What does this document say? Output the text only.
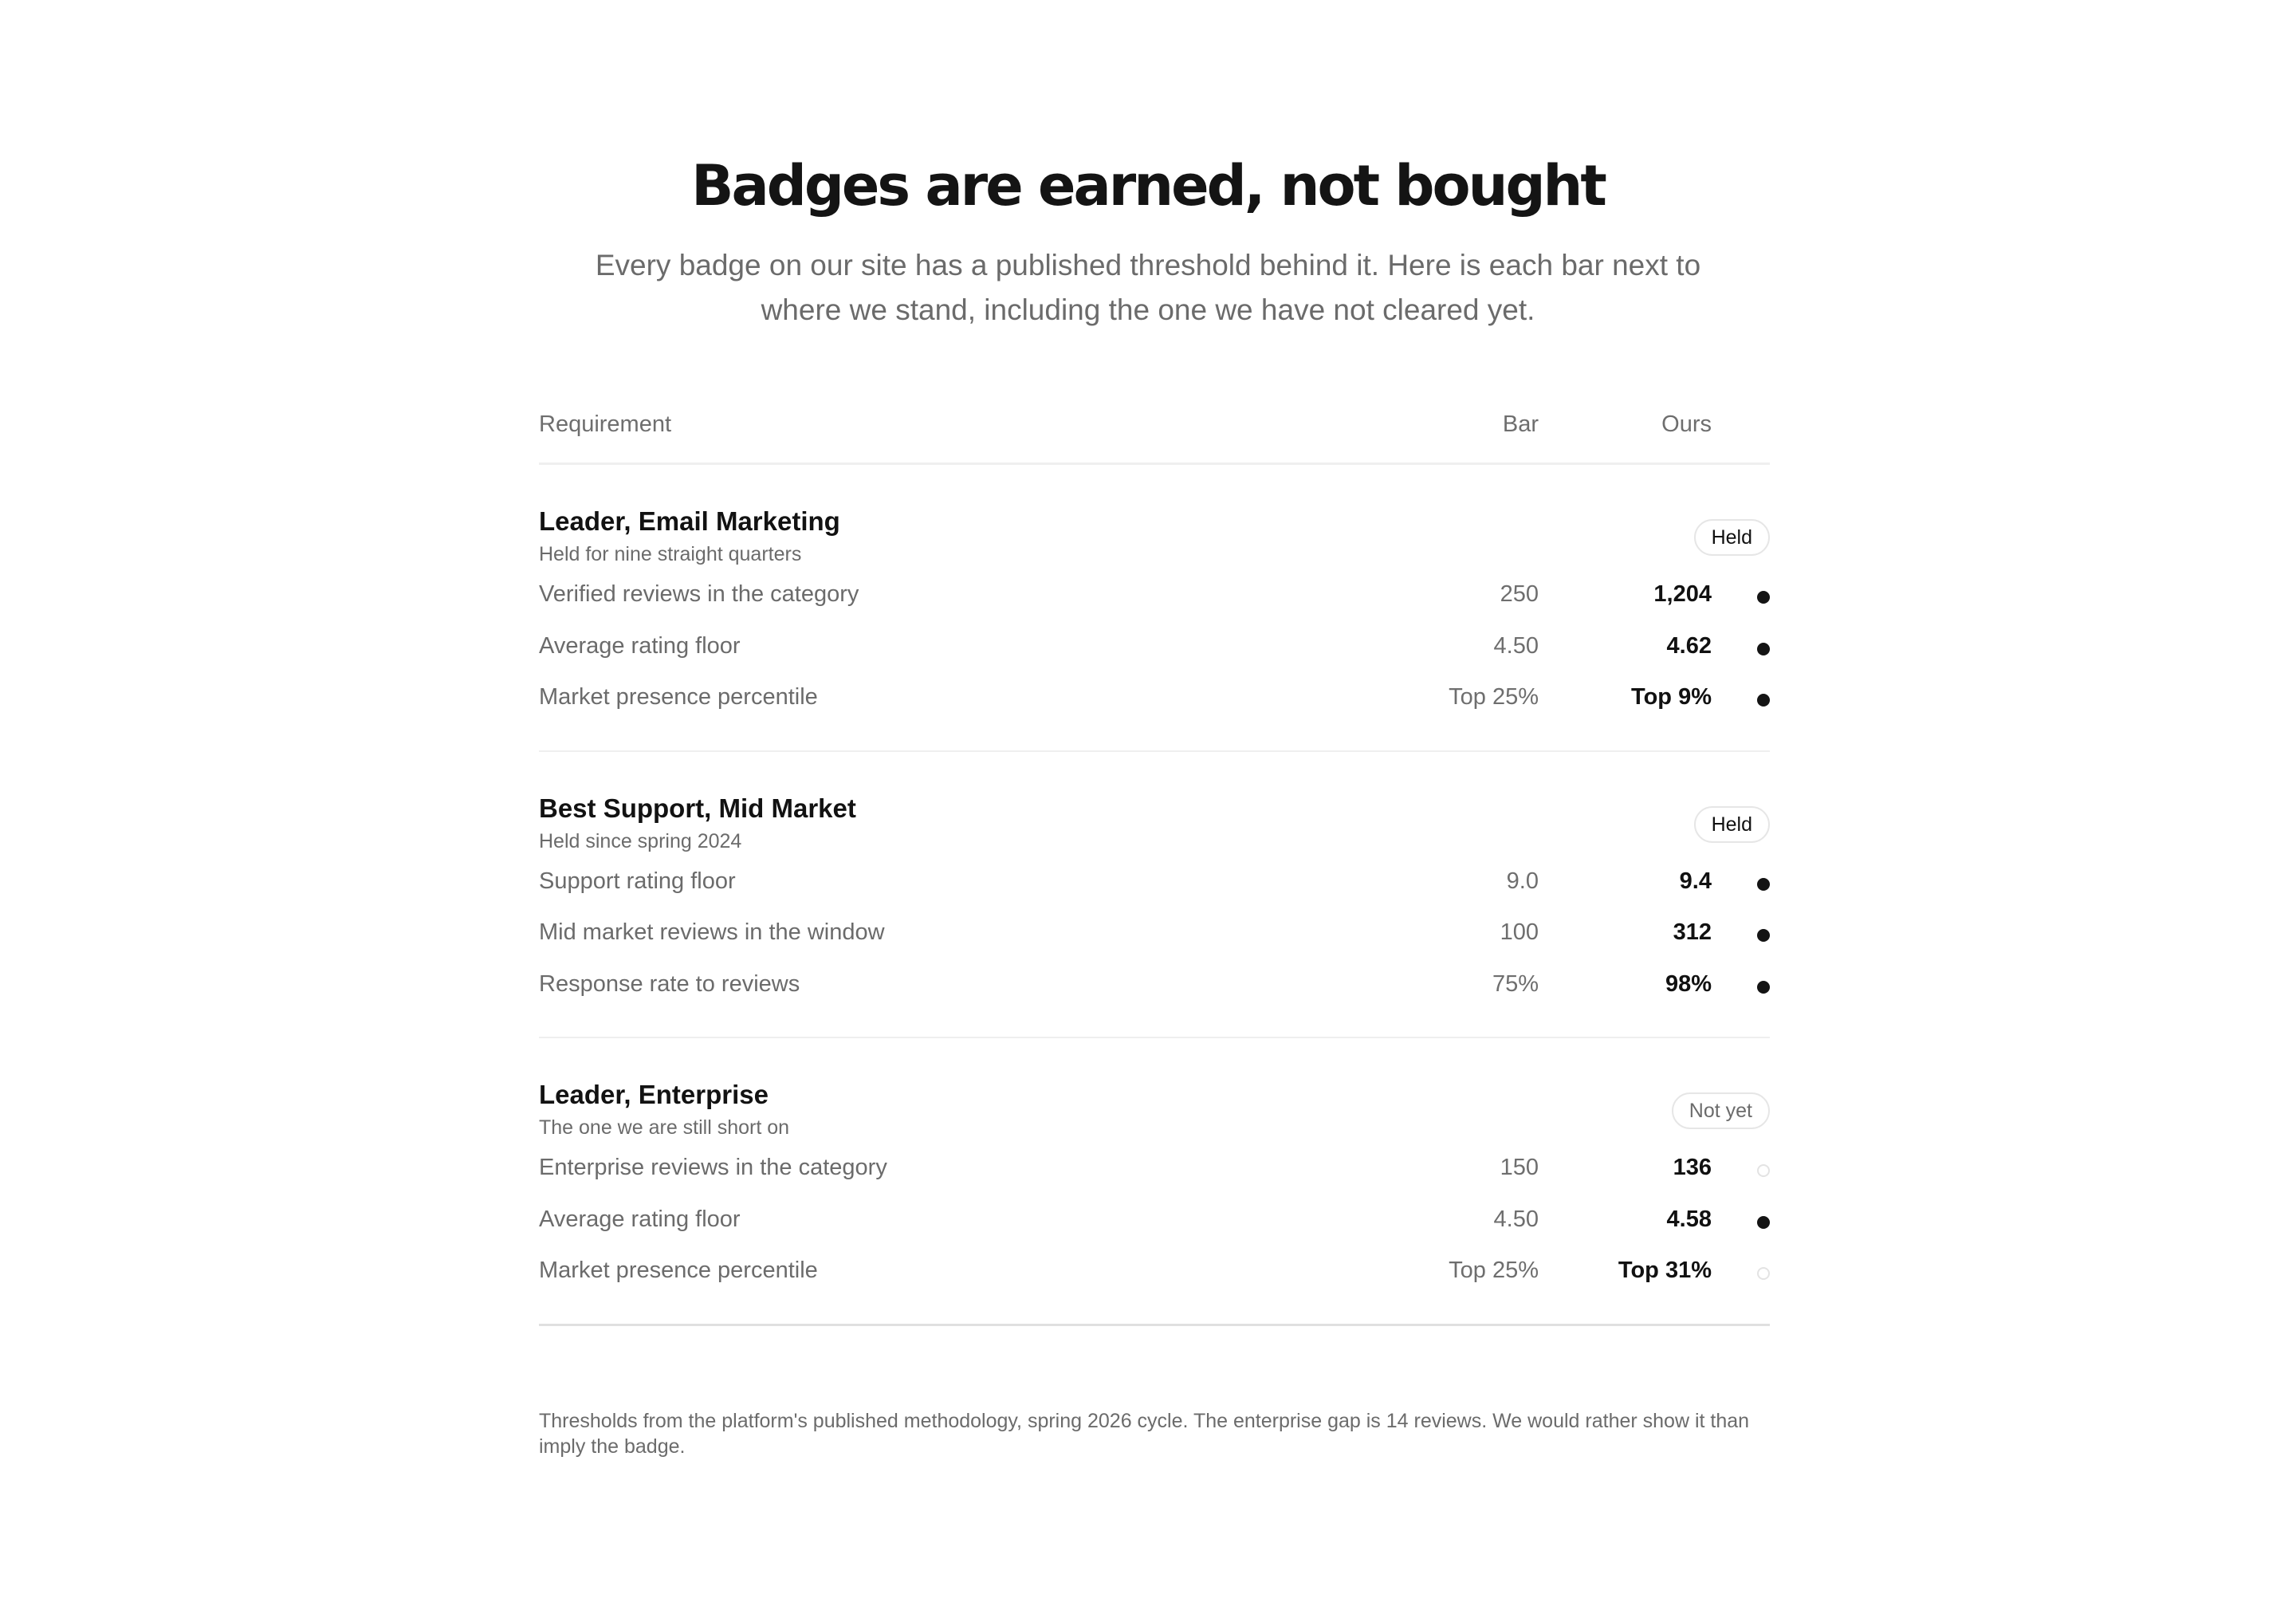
Badges are earned, not bought

Every badge on our site has a published threshold behind it. Here is each bar next to where we stand, including the one we have not cleared yet.

Requirement	Bar	Ours
Leader, Email Marketing
Held for nine straight quarters
Held
Verified reviews in the category	250	1,204
Average rating floor	4.50	4.62
Market presence percentile	Top 25%	Top 9%
Best Support, Mid Market
Held since spring 2024
Held
Support rating floor	9.0	9.4
Mid market reviews in the window	100	312
Response rate to reviews	75%	98%
Leader, Enterprise
The one we are still short on
Not yet
Enterprise reviews in the category	150	136
Average rating floor	4.50	4.58
Market presence percentile	Top 25%	Top 31%

Thresholds from the platform's published methodology, spring 2026 cycle. The enterprise gap is 14 reviews. We would rather show it than imply the badge.
